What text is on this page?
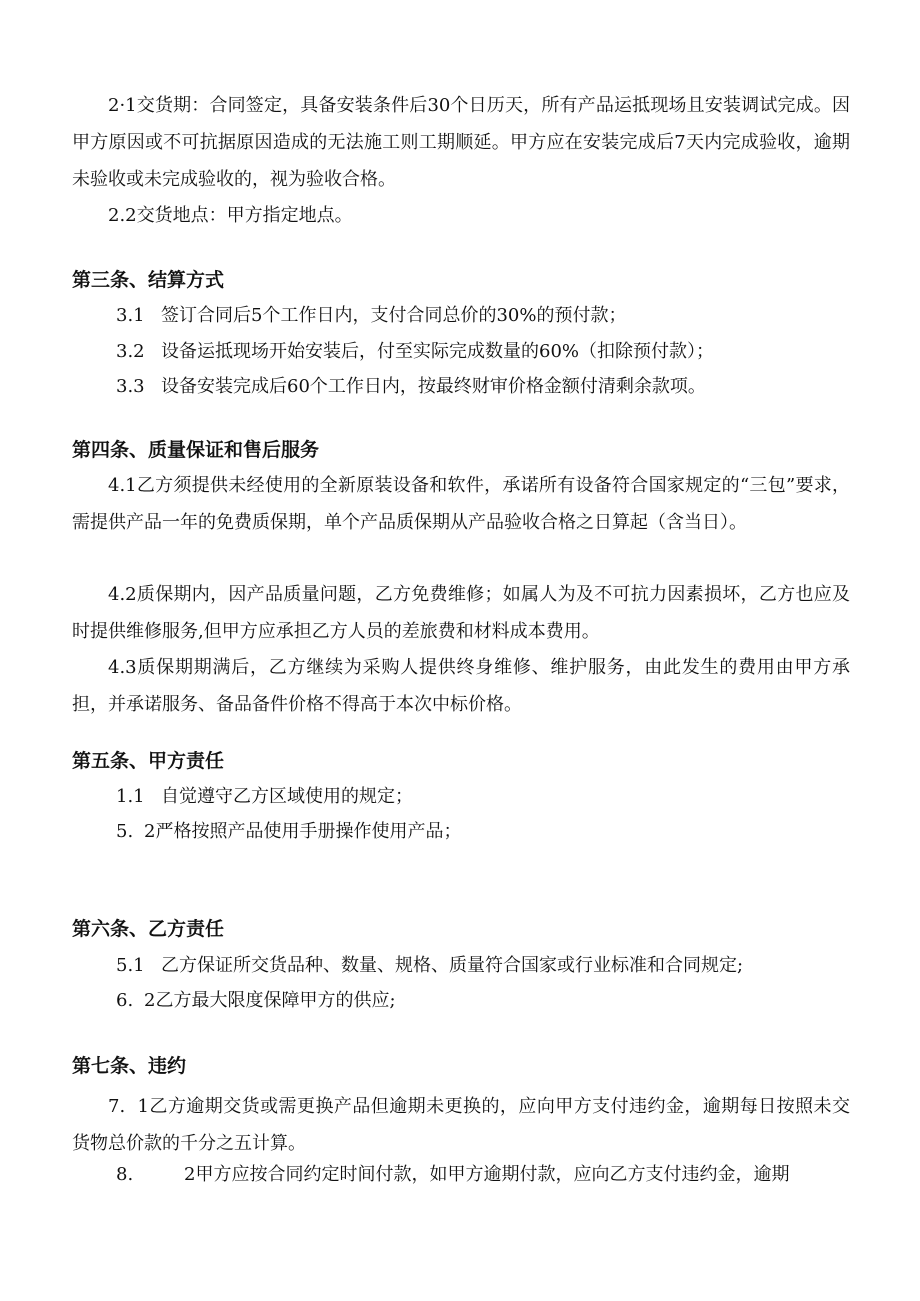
2·1交货期：合同签定，具备安装条件后30个日历天，所有产品运抵现场且安装调试完成。因甲方原因或不可抗据原因造成的无法施工则工期顺延。甲方应在安装完成后7天内完成验收，逾期未验收或未完成验收的，视为验收合格。

2.2交货地点：甲方指定地点。

第三条、结算方式
3.1 签订合同后5个工作日内，支付合同总价的30%的预付款；
3.2 设备运抵现场开始安装后，付至实际完成数量的60%（扣除预付款）；
3.3 设备安装完成后60个工作日内，按最终财审价格金额付清剩余款项。
第四条、质量保证和售后服务

4.1乙方须提供未经使用的全新原装设备和软件，承诺所有设备符合国家规定的“三包”要求，需提供产品一年的免费质保期，单个产品质保期从产品验收合格之日算起（含当日）。

4.2质保期内，因产品质量问题，乙方免费维修；如属人为及不可抗力因素损坏，乙方也应及时提供维修服务,但甲方应承担乙方人员的差旅费和材料成本费用。

4.3质保期期满后，乙方继续为采购人提供终身维修、维护服务，由此发生的费用由甲方承担，并承诺服务、备品备件价格不得高于本次中标价格。

第五条、甲方责任
1.1 自觉遵守乙方区域使用的规定；
5. 2严格按照产品使用手册操作使用产品；
第六条、乙方责任
5.1 乙方保证所交货品种、数量、规格、质量符合国家或行业标准和合同规定;
6. 2乙方最大限度保障甲方的供应;
第七条、违约

7.  1乙方逾期交货或需更换产品但逾期未更换的，应向甲方支付违约金，逾期每日按照未交货物总价款的千分之五计算。

8.	2甲方应按合同约定时间付款，如甲方逾期付款，应向乙方支付违约金，逾期
